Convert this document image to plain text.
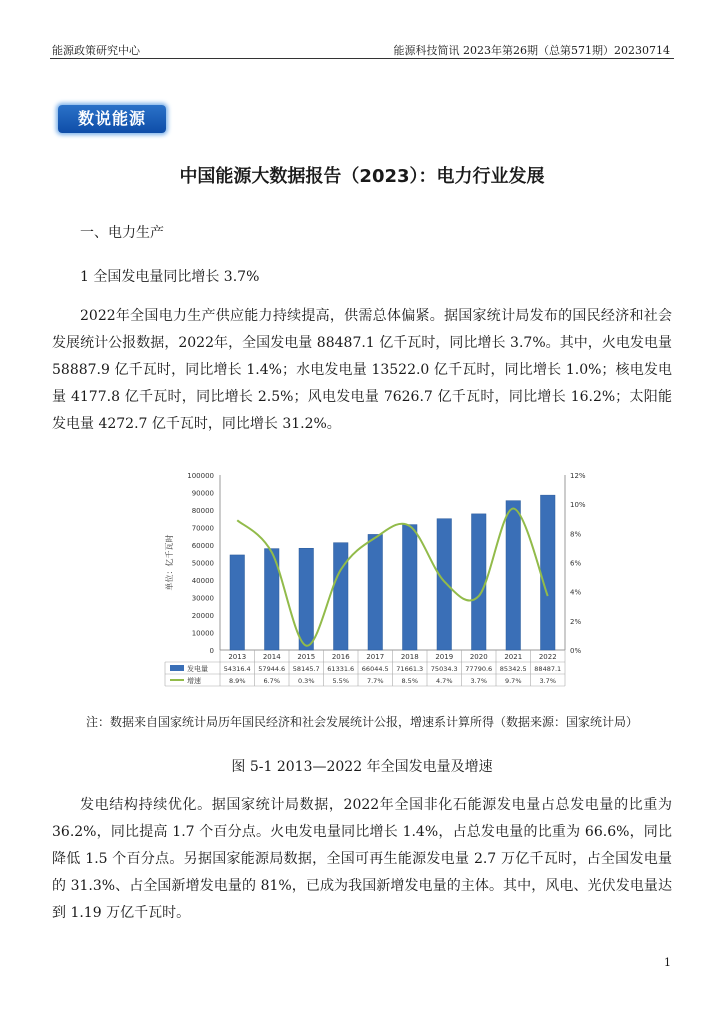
能源政策研究中心	能源科技简讯 2023年第26期（总第571期）20230714
数说能源
中国能源大数据报告（2023）：电力行业发展
一、电力生产
1 全国发电量同比增长 3.7%

2022年全国电力生产供应能力持续提高，供需总体偏紧。据国家统计局发布的国民经济和社会发展统计公报数据，2022年，全国发电量 88487.1 亿千瓦时，同比增长 3.7%。其中，火电发电量 58887.9 亿千瓦时，同比增长 1.4%；水电发电量 13522.0 亿千瓦时，同比增长 1.0%；核电发电量 4177.8 亿千瓦时，同比增长 2.5%；风电发电量 7626.7 亿千瓦时，同比增长 16.2%；太阳能发电量 4272.7 亿千瓦时，同比增长 31.2%。

0
10000
20000
30000
40000
50000
60000
70000
80000
90000
100000
0%
2%
4%
6%
8%
10%
12%
单位：亿千瓦时
2013 2014 2015 2016 2017 2018 2019 2020 2021 2022
发电量
增速
54316.4 57944.6 58145.7 61331.6 66044.5 71661.3 75034.3 77790.6 85342.5 88487.1
8.9%	6.7%	0.3%	5.5%	7.7%	8.5%	4.7%	3.7%	9.7%	3.7%
注：数据来自国家统计局历年国民经济和社会发展统计公报，增速系计算所得（数据来源：国家统计局）
图 5-1 2013—2022 年全国发电量及增速

发电结构持续优化。据国家统计局数据，2022年全国非化石能源发电量占总发电量的比重为 36.2%，同比提高 1.7 个百分点。火电发电量同比增长 1.4%，占总发电量的比重为 66.6%，同比降低 1.5 个百分点。另据国家能源局数据，全国可再生能源发电量 2.7 万亿千瓦时，占全国发电量的 31.3%、占全国新增发电量的 81%，已成为我国新增发电量的主体。其中，风电、光伏发电量达到 1.19 万亿千瓦时。

1
